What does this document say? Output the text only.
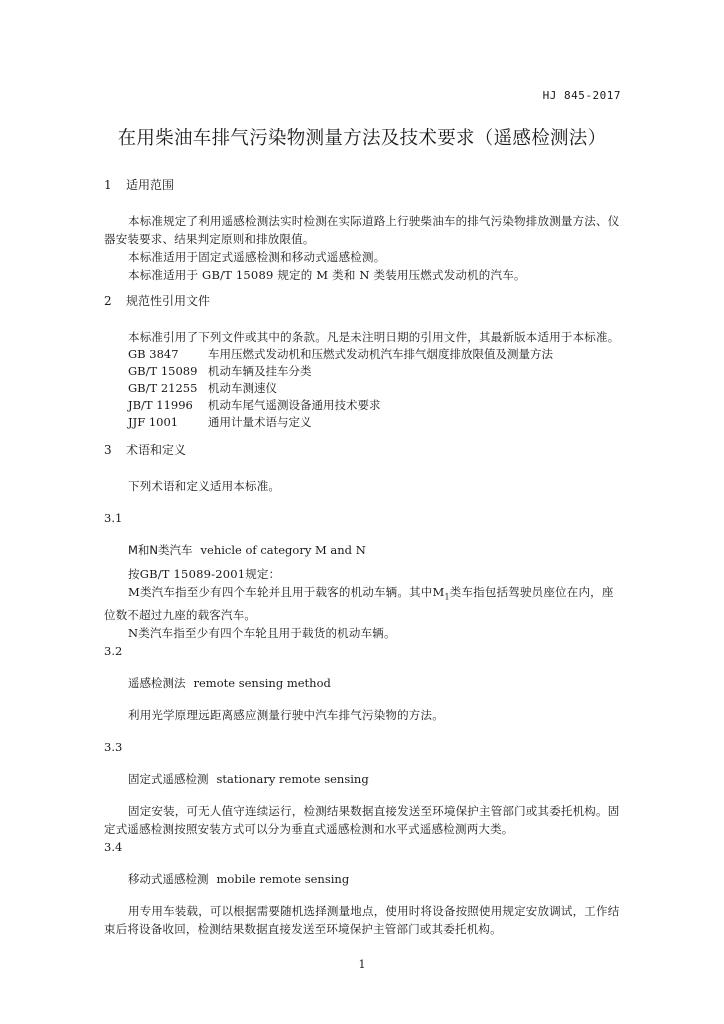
HJ 845-2017
在用柴油车排气污染物测量方法及技术要求（遥感检测法）
1 适用范围
本标准规定了利用遥感检测法实时检测在实际道路上行驶柴油车的排气污染物排放测量方法、仪器安装要求、结果判定原则和排放限值。
本标准适用于固定式遥感检测和移动式遥感检测。
本标准适用于 GB/T 15089 规定的 M 类和 N 类装用压燃式发动机的汽车。
2 规范性引用文件
本标准引用了下列文件或其中的条款。凡是未注明日期的引用文件，其最新版本适用于本标准。
GB 3847	车用压燃式发动机和压燃式发动机汽车排气烟度排放限值及测量方法
GB/T 15089 机动车辆及挂车分类
GB/T 21255 机动车测速仪
JB/T 11996 机动车尾气遥测设备通用技术要求
JJF 1001	通用计量术语与定义
3 术语和定义
下列术语和定义适用本标准。
3.1
M和N类汽车 vehicle of category M and N
按GB/T 15089-2001规定：
M类汽车指至少有四个车轮并且用于载客的机动车辆。其中$M_1$类车指包括驾驶员座位在内，座位数不超过九座的载客汽车。
N类汽车指至少有四个车轮且用于载货的机动车辆。
3.2
遥感检测法 remote sensing method
利用光学原理远距离感应测量行驶中汽车排气污染物的方法。
3.3
固定式遥感检测 stationary remote sensing
固定安装，可无人值守连续运行，检测结果数据直接发送至环境保护主管部门或其委托机构。固定式遥感检测按照安装方式可以分为垂直式遥感检测和水平式遥感检测两大类。
3.4
移动式遥感检测 mobile remote sensing
用专用车装载，可以根据需要随机选择测量地点，使用时将设备按照使用规定安放调试，工作结束后将设备收回，检测结果数据直接发送至环境保护主管部门或其委托机构。
1
